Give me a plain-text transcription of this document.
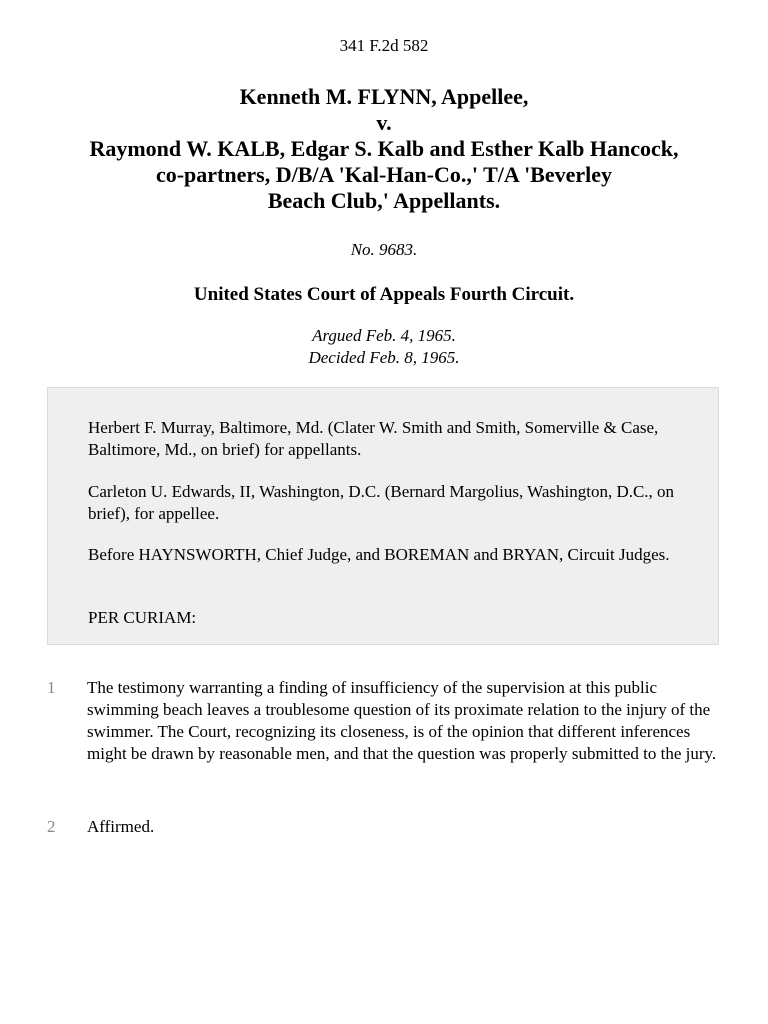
341 F.2d 582
Kenneth M. FLYNN, Appellee,
v.
Raymond W. KALB, Edgar S. Kalb and Esther Kalb Hancock,
co-partners, D/B/A 'Kal-Han-Co.,' T/A 'Beverley
Beach Club,' Appellants.
No. 9683.
United States Court of Appeals Fourth Circuit.
Argued Feb. 4, 1965.
Decided Feb. 8, 1965.

Herbert F. Murray, Baltimore, Md. (Clater W. Smith and Smith, Somerville & Case, Baltimore, Md., on brief) for appellants.

Carleton U. Edwards, II, Washington, D.C. (Bernard Margolius, Washington, D.C., on brief), for appellee.

Before HAYNSWORTH, Chief Judge, and BOREMAN and BRYAN, Circuit Judges.

PER CURIAM:

1 The testimony warranting a finding of insufficiency of the supervision at this public swimming beach leaves a troublesome question of its proximate relation to the injury of the swimmer. The Court, recognizing its closeness, is of the opinion that different inferences might be drawn by reasonable men, and that the question was properly submitted to the jury.

2 Affirmed.
